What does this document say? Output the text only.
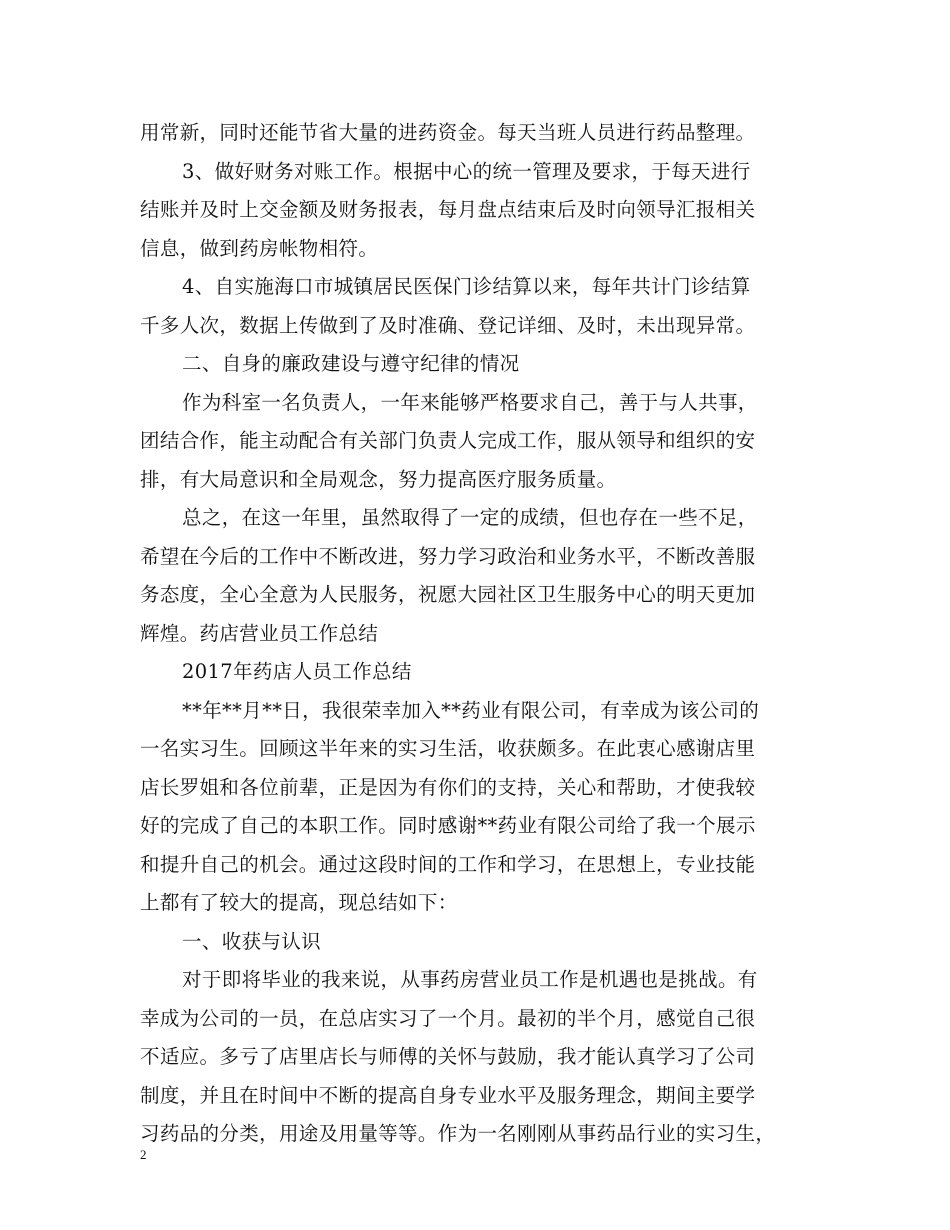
用常新，同时还能节省大量的进药资金。每天当班人员进行药品整理。
3、做好财务对账工作。根据中心的统一管理及要求，于每天进行
结账并及时上交金额及财务报表，每月盘点结束后及时向领导汇报相关
信息，做到药房帐物相符。
4、自实施海口市城镇居民医保门诊结算以来，每年共计门诊结算
千多人次，数据上传做到了及时准确、登记详细、及时，未出现异常。
二、自身的廉政建设与遵守纪律的情况
作为科室一名负责人，一年来能够严格要求自己，善于与人共事，
团结合作，能主动配合有关部门负责人完成工作，服从领导和组织的安
排，有大局意识和全局观念，努力提高医疗服务质量。
总之，在这一年里，虽然取得了一定的成绩，但也存在一些不足，
希望在今后的工作中不断改进，努力学习政治和业务水平，不断改善服
务态度，全心全意为人民服务，祝愿大园社区卫生服务中心的明天更加
辉煌。药店营业员工作总结
2017年药店人员工作总结
**年**月**日，我很荣幸加入**药业有限公司，有幸成为该公司的
一名实习生。回顾这半年来的实习生活，收获颇多。在此衷心感谢店里
店长罗姐和各位前辈，正是因为有你们的支持，关心和帮助，才使我较
好的完成了自己的本职工作。同时感谢**药业有限公司给了我一个展示
和提升自己的机会。通过这段时间的工作和学习，在思想上，专业技能
上都有了较大的提高，现总结如下：
一、收获与认识
对于即将毕业的我来说，从事药房营业员工作是机遇也是挑战。有
幸成为公司的一员，在总店实习了一个月。最初的半个月，感觉自己很
不适应。多亏了店里店长与师傅的关怀与鼓励，我才能认真学习了公司
制度，并且在时间中不断的提高自身专业水平及服务理念，期间主要学
习药品的分类，用途及用量等等。作为一名刚刚从事药品行业的实习生，
2
